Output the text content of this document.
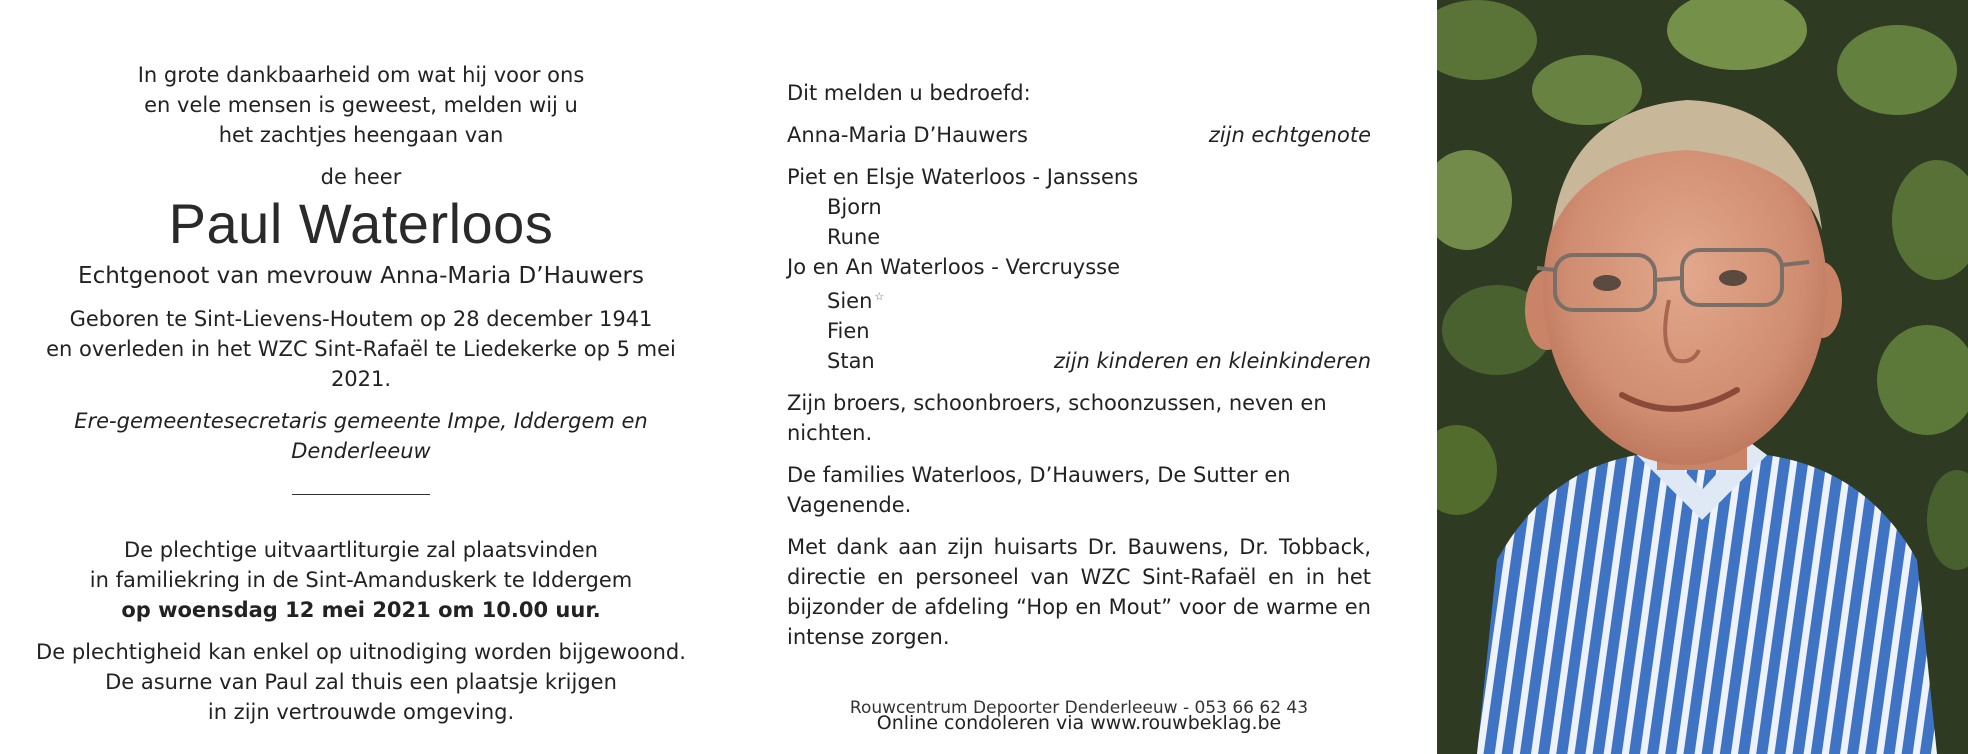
In grote dankbaarheid om wat hij voor ons

en vele mensen is geweest, melden wij u

het zachtjes heengaan van

de heer

Paul Waterloos

Echtgenoot van mevrouw Anna-Maria D’Hauwers

Geboren te Sint-Lievens-Houtem op 28 december 1941

en overleden in het WZC Sint-Rafaël te Liedekerke op 5 mei 2021.

Ere-gemeentesecretaris gemeente Impe, Iddergem en Denderleeuw

De plechtige uitvaartliturgie zal plaatsvinden

in familiekring in de Sint-Amanduskerk te Iddergem

op woensdag 12 mei 2021 om 10.00 uur.

De plechtigheid kan enkel op uitnodiging worden bijgewoond.

De asurne van Paul zal thuis een plaatsje krijgen

in zijn vertrouwde omgeving.

Dit melden u bedroefd:
Anna-Maria D’Hauwers	zijn echtgenote
Piet en Elsje Waterloos - Janssens
Bjorn
Rune
Jo en An Waterloos - Vercruysse
Sien ☆
Fien
Stan	zijn kinderen en kleinkinderen
Zijn broers, schoonbroers, schoonzussen, neven en nichten.
De families Waterloos, D’Hauwers, De Sutter en Vagenende.
Met dank aan zijn huisarts Dr. Bauwens, Dr. Tobback, directie en personeel van WZC Sint-Rafaël en in het bijzonder de afdeling “Hop en Mout” voor de warme en intense zorgen.
Online condoleren via www.rouwbeklag.be
Rouwcentrum Depoorter Denderleeuw - 053 66 62 43
